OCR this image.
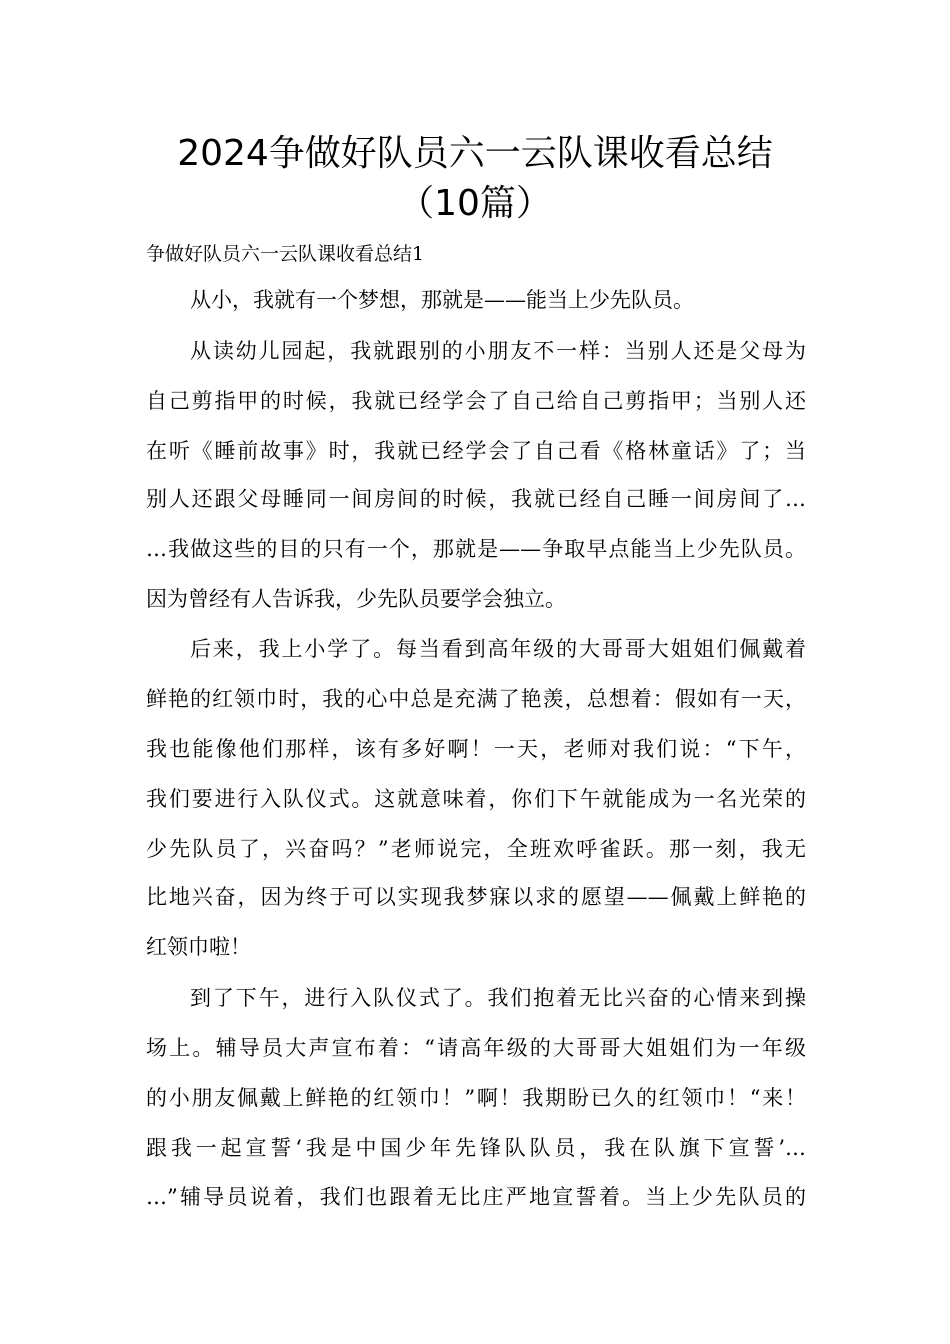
2024争做好队员六一云队课收看总结
（10篇）

争做好队员六一云队课收看总结1

从小，我就有一个梦想，那就是——能当上少先队员。

从读幼儿园起，我就跟别的小朋友不一样：当别人还是父母为

自己剪指甲的时候，我就已经学会了自己给自己剪指甲；当别人还

在听《睡前故事》时，我就已经学会了自己看《格林童话》了；当

别人还跟父母睡同一间房间的时候，我就已经自己睡一间房间了…

…我做这些的目的只有一个，那就是——争取早点能当上少先队员。

因为曾经有人告诉我，少先队员要学会独立。

后来，我上小学了。每当看到高年级的大哥哥大姐姐们佩戴着

鲜艳的红领巾时，我的心中总是充满了艳羡，总想着：假如有一天，

我也能像他们那样，该有多好啊！一天，老师对我们说：“下午，

我们要进行入队仪式。这就意味着，你们下午就能成为一名光荣的

少先队员了，兴奋吗？”老师说完，全班欢呼雀跃。那一刻，我无

比地兴奋，因为终于可以实现我梦寐以求的愿望——佩戴上鲜艳的

红领巾啦！

到了下午，进行入队仪式了。我们抱着无比兴奋的心情来到操

场上。辅导员大声宣布着：“请高年级的大哥哥大姐姐们为一年级

的小朋友佩戴上鲜艳的红领巾！”啊！我期盼已久的红领巾！“来！

跟我一起宣誓‘我是中国少年先锋队队员，我在队旗下宣誓’…

…”辅导员说着，我们也跟着无比庄严地宣誓着。当上少先队员的
